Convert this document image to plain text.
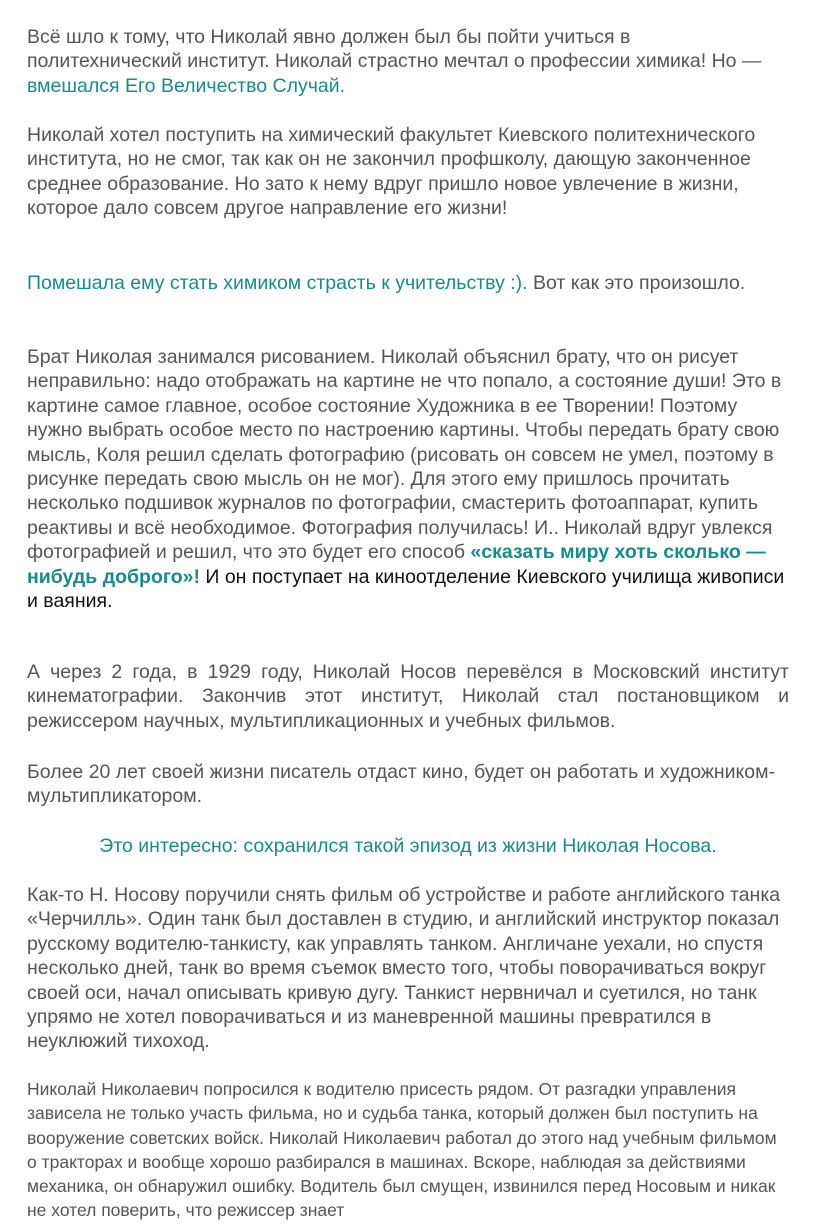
Всё шло к тому, что Николай явно должен был бы пойти учиться в политехнический институт. Николай страстно мечтал о профессии химика! Но — вмешался Его Величество Случай.

Николай хотел поступить на химический факультет Киевского политехнического института, но не смог, так как он не закончил профшколу, дающую законченное среднее образование. Но зато к нему вдруг пришло новое увлечение в жизни, которое дало совсем другое направление его жизни!

Помешала ему стать химиком страсть к учительству :). Вот как это произошло.

Брат Николая занимался рисованием. Николай объяснил брату, что он рисует неправильно: надо отображать на картине не что попало, а состояние души! Это в картине самое главное, особое состояние Художника в ее Творении! Поэтому нужно выбрать особое место по настроению картины. Чтобы передать брату свою мысль, Коля решил сделать фотографию (рисовать он совсем не умел, поэтому в рисунке передать свою мысль он не мог). Для этого ему пришлось прочитать несколько подшивок журналов по фотографии, смастерить фотоаппарат, купить реактивы и всё необходимое. Фотография получилась! И.. Николай вдруг увлекся фотографией и решил, что это будет его способ «сказать миру хоть сколько — нибудь доброго»! И он поступает на киноотделение Киевского училища живописи и ваяния.

А через 2 года, в 1929 году, Николай Носов перевёлся в Московский институт кинематографии. Закончив этот институт, Николай стал постановщиком и режиссером научных, мультипликационных и учебных фильмов.

Более 20 лет своей жизни писатель отдаст кино, будет он работать и художником-мультипликатором.

Это интересно: сохранился такой эпизод из жизни Николая Носова.

Как-то Н. Носову поручили снять фильм об устройстве и работе английского танка «Черчилль». Один танк был доставлен в студию, и английский инструктор показал русскому водителю-танкисту, как управлять танком. Англичане уехали, но спустя несколько дней, танк во время съемок вместо того, чтобы поворачиваться вокруг своей оси, начал описывать кривую дугу. Танкист нервничал и суетился, но танк упрямо не хотел поворачиваться и из маневренной машины превратился в неуклюжий тихоход.

Николай Николаевич попросился к водителю присесть рядом. От разгадки управления зависела не только участь фильма, но и судьба танка, который должен был поступить на вооружение советских войск. Николай Николаевич работал до этого над учебным фильмом о тракторах и вообще хорошо разбирался в машинах. Вскоре, наблюдая за действиями механика, он обнаружил ошибку. Водитель был смущен, извинился перед Носовым и никак не хотел поверить, что режиссер знает
